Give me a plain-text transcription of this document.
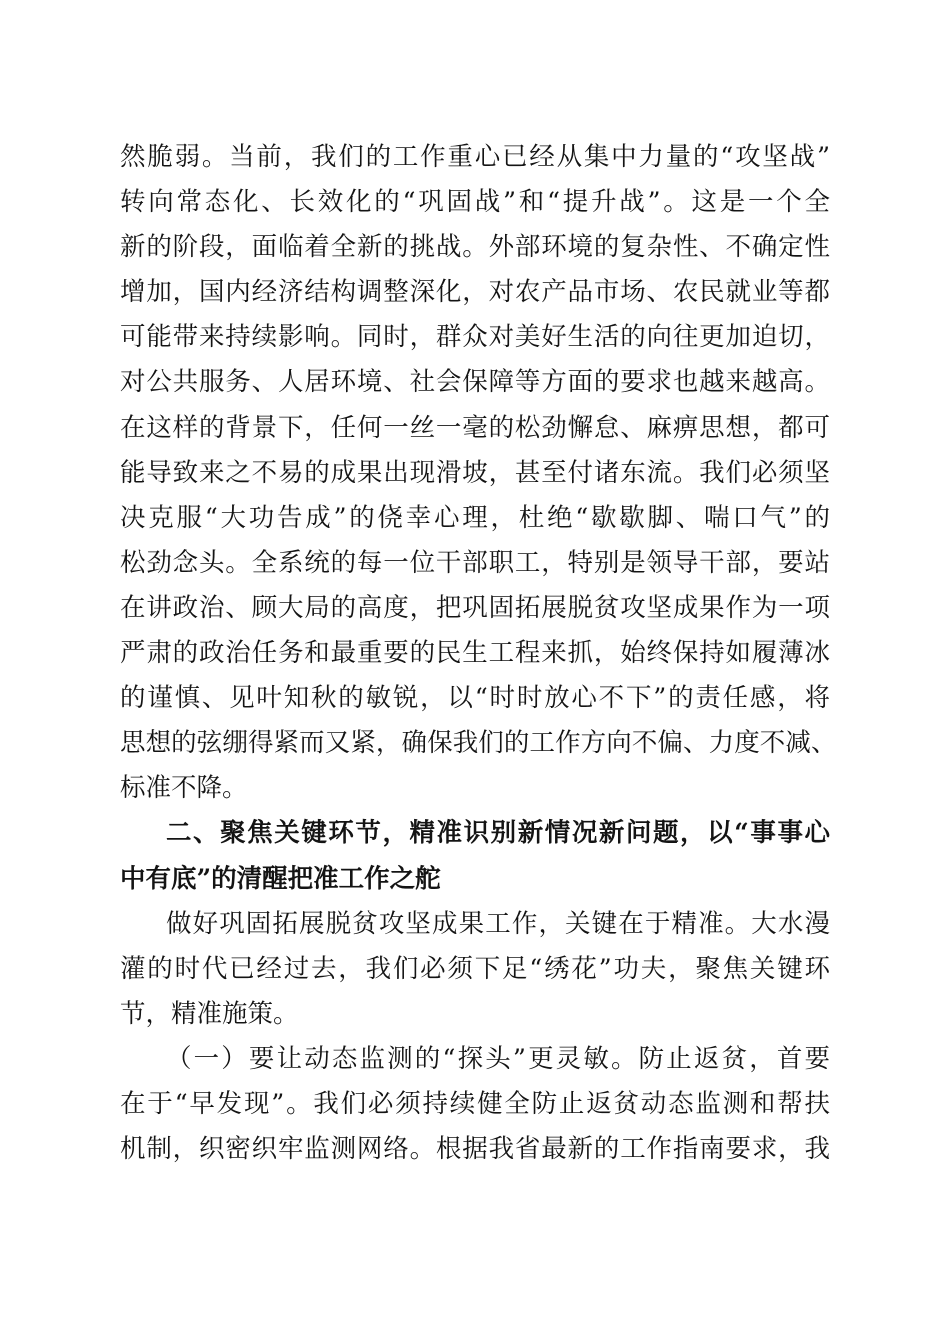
然脆弱。当前，我们的工作重心已经从集中力量的“攻坚战”
转向常态化、长效化的“巩固战”和“提升战”。这是一个全
新的阶段，面临着全新的挑战。外部环境的复杂性、不确定性
增加，国内经济结构调整深化，对农产品市场、农民就业等都
可能带来持续影响。同时，群众对美好生活的向往更加迫切，
对公共服务、人居环境、社会保障等方面的要求也越来越高。
在这样的背景下，任何一丝一毫的松劲懈怠、麻痹思想，都可
能导致来之不易的成果出现滑坡，甚至付诸东流。我们必须坚
决克服“大功告成”的侥幸心理，杜绝“歇歇脚、喘口气”的
松劲念头。全系统的每一位干部职工，特别是领导干部，要站
在讲政治、顾大局的高度，把巩固拓展脱贫攻坚成果作为一项
严肃的政治任务和最重要的民生工程来抓，始终保持如履薄冰
的谨慎、见叶知秋的敏锐，以“时时放心不下”的责任感，将
思想的弦绷得紧而又紧，确保我们的工作方向不偏、力度不减、
标准不降。
二、聚焦关键环节，精准识别新情况新问题，以“事事心
中有底”的清醒把准工作之舵
做好巩固拓展脱贫攻坚成果工作，关键在于精准。大水漫
灌的时代已经过去，我们必须下足“绣花”功夫，聚焦关键环
节，精准施策。
（一）要让动态监测的“探头”更灵敏。防止返贫，首要
在于“早发现”。我们必须持续健全防止返贫动态监测和帮扶
机制，织密织牢监测网络。根据我省最新的工作指南要求，我
